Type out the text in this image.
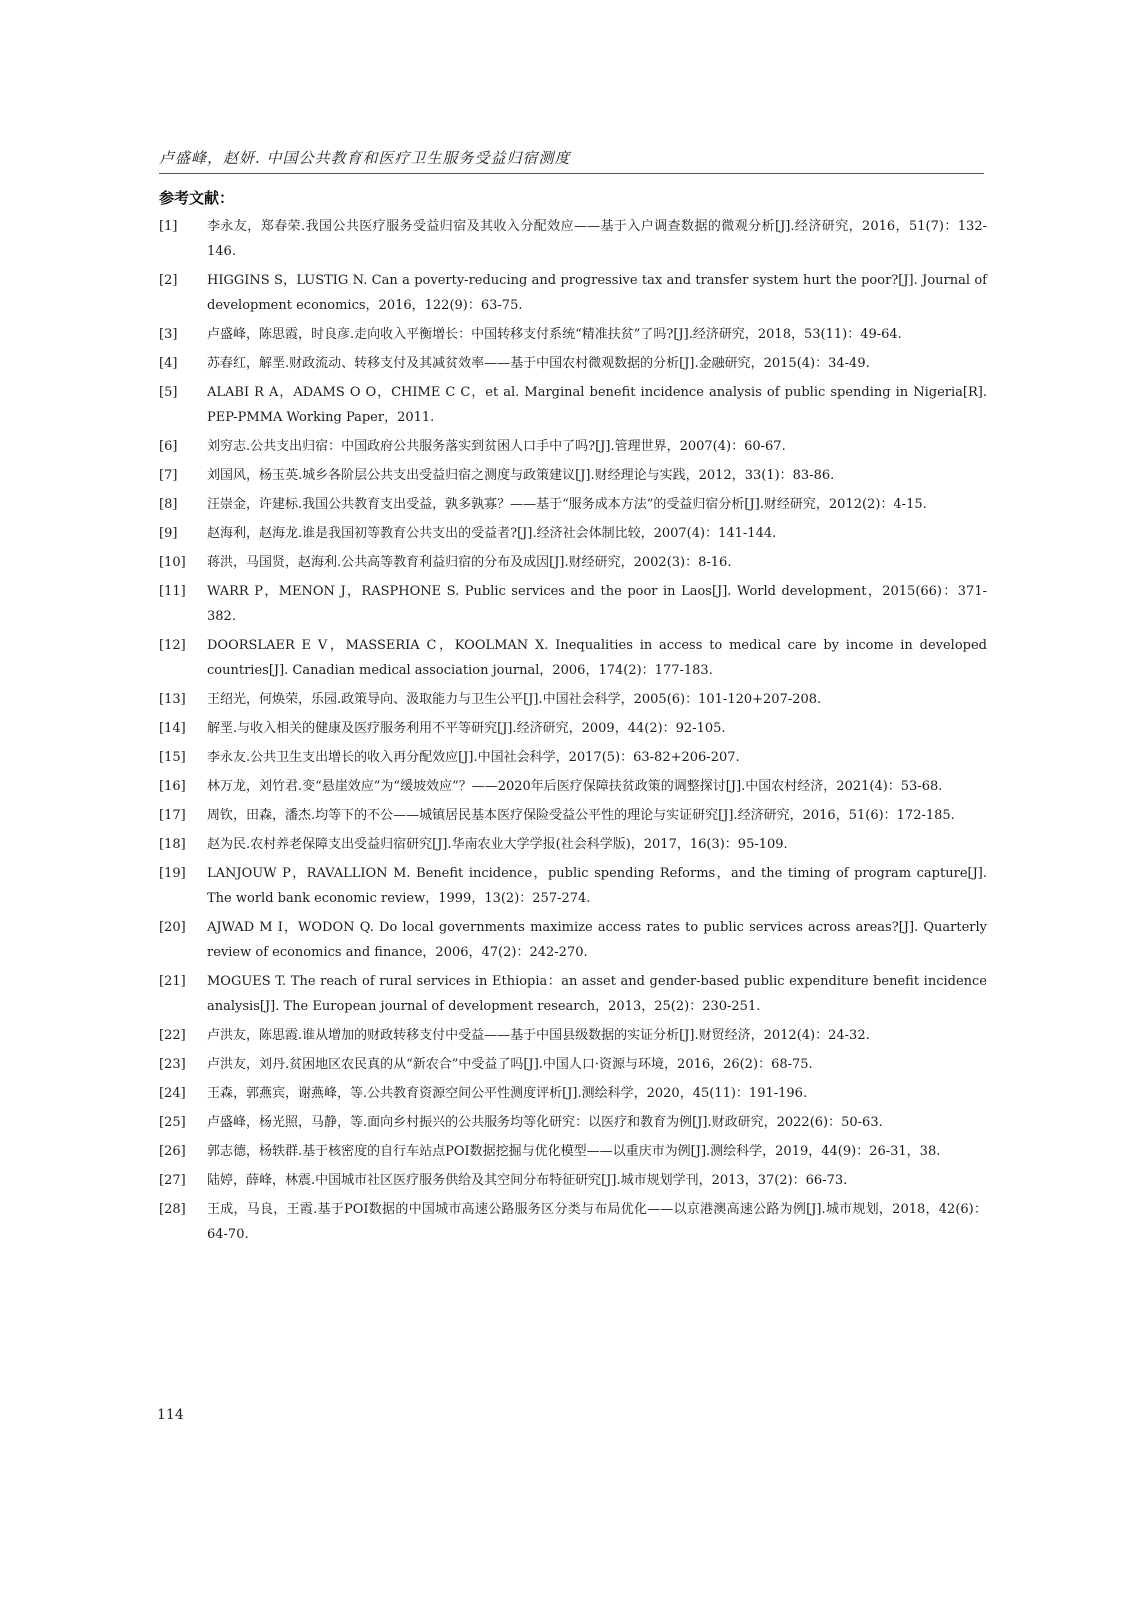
卢盛峰，赵妍. 中国公共教育和医疗卫生服务受益归宿测度
参考文献：
[1]	李永友，郑春荣.我国公共医疗服务受益归宿及其收入分配效应——基于入户调查数据的微观分析[J].经济研究，2016，51(7)：132-146.
[2]	HIGGINS S，LUSTIG N. Can a poverty-reducing and progressive tax and transfer system hurt the poor?[J]. Journal of development economics，2016，122(9)：63-75.
[3]	卢盛峰，陈思霞，时良彦.走向收入平衡增长：中国转移支付系统“精准扶贫”了吗?[J].经济研究，2018，53(11)：49-64.
[4]	苏春红，解垩.财政流动、转移支付及其减贫效率——基于中国农村微观数据的分析[J].金融研究，2015(4)：34-49.
[5]	ALABI R A，ADAMS O O，CHIME C C，et al. Marginal benefit incidence analysis of public spending in Nigeria[R]. PEP-PMMA Working Paper，2011.
[6]	刘穷志.公共支出归宿：中国政府公共服务落实到贫困人口手中了吗?[J].管理世界，2007(4)：60-67.
[7]	刘国风，杨玉英.城乡各阶层公共支出受益归宿之测度与政策建议[J].财经理论与实践，2012，33(1)：83-86.
[8]	汪崇金，许建标.我国公共教育支出受益，孰多孰寡？——基于“服务成本方法”的受益归宿分析[J].财经研究，2012(2)：4-15.
[9]	赵海利，赵海龙.谁是我国初等教育公共支出的受益者?[J].经济社会体制比较，2007(4)：141-144.
[10]	蒋洪，马国贤，赵海利.公共高等教育利益归宿的分布及成因[J].财经研究，2002(3)：8-16.
[11]	WARR P，MENON J，RASPHONE S. Public services and the poor in Laos[J]. World development，2015(66)：371-382.
[12]	DOORSLAER E V，MASSERIA C，KOOLMAN X. Inequalities in access to medical care by income in developed countries[J]. Canadian medical association journal，2006，174(2)：177-183.
[13]	王绍光，何焕荣，乐园.政策导向、汲取能力与卫生公平[J].中国社会科学，2005(6)：101-120+207-208.
[14]	解垩.与收入相关的健康及医疗服务利用不平等研究[J].经济研究，2009，44(2)：92-105.
[15]	李永友.公共卫生支出增长的收入再分配效应[J].中国社会科学，2017(5)：63-82+206-207.
[16]	林万龙，刘竹君.变“悬崖效应”为“缓坡效应”？——2020年后医疗保障扶贫政策的调整探讨[J].中国农村经济，2021(4)：53-68.
[17]	周钦，田森，潘杰.均等下的不公——城镇居民基本医疗保险受益公平性的理论与实证研究[J].经济研究，2016，51(6)：172-185.
[18]	赵为民.农村养老保障支出受益归宿研究[J].华南农业大学学报(社会科学版)，2017，16(3)：95-109.
[19]	LANJOUW P，RAVALLION M. Benefit incidence，public spending Reforms，and the timing of program capture[J]. The world bank economic review，1999，13(2)：257-274.
[20]	AJWAD M I，WODON Q. Do local governments maximize access rates to public services across areas?[J]. Quarterly review of economics and finance，2006，47(2)：242-270.
[21]	MOGUES T. The reach of rural services in Ethiopia：an asset and gender-based public expenditure benefit incidence analysis[J]. The European journal of development research，2013，25(2)：230-251.
[22]	卢洪友，陈思霞.谁从增加的财政转移支付中受益——基于中国县级数据的实证分析[J].财贸经济，2012(4)：24-32.
[23]	卢洪友，刘丹.贫困地区农民真的从“新农合”中受益了吗[J].中国人口·资源与环境，2016，26(2)：68-75.
[24]	王森，郭燕宾，谢燕峰，等.公共教育资源空间公平性测度评析[J].测绘科学，2020，45(11)：191-196.
[25]	卢盛峰，杨光照，马静，等.面向乡村振兴的公共服务均等化研究：以医疗和教育为例[J].财政研究，2022(6)：50-63.
[26]	郭志德，杨轶群.基于核密度的自行车站点POI数据挖掘与优化模型——以重庆市为例[J].测绘科学，2019，44(9)：26-31，38.
[27]	陆婷，薛峰，林震.中国城市社区医疗服务供给及其空间分布特征研究[J].城市规划学刊，2013，37(2)：66-73.
[28]	王成，马良，王霞.基于POI数据的中国城市高速公路服务区分类与布局优化——以京港澳高速公路为例[J].城市规划，2018，42(6)：64-70.
114
